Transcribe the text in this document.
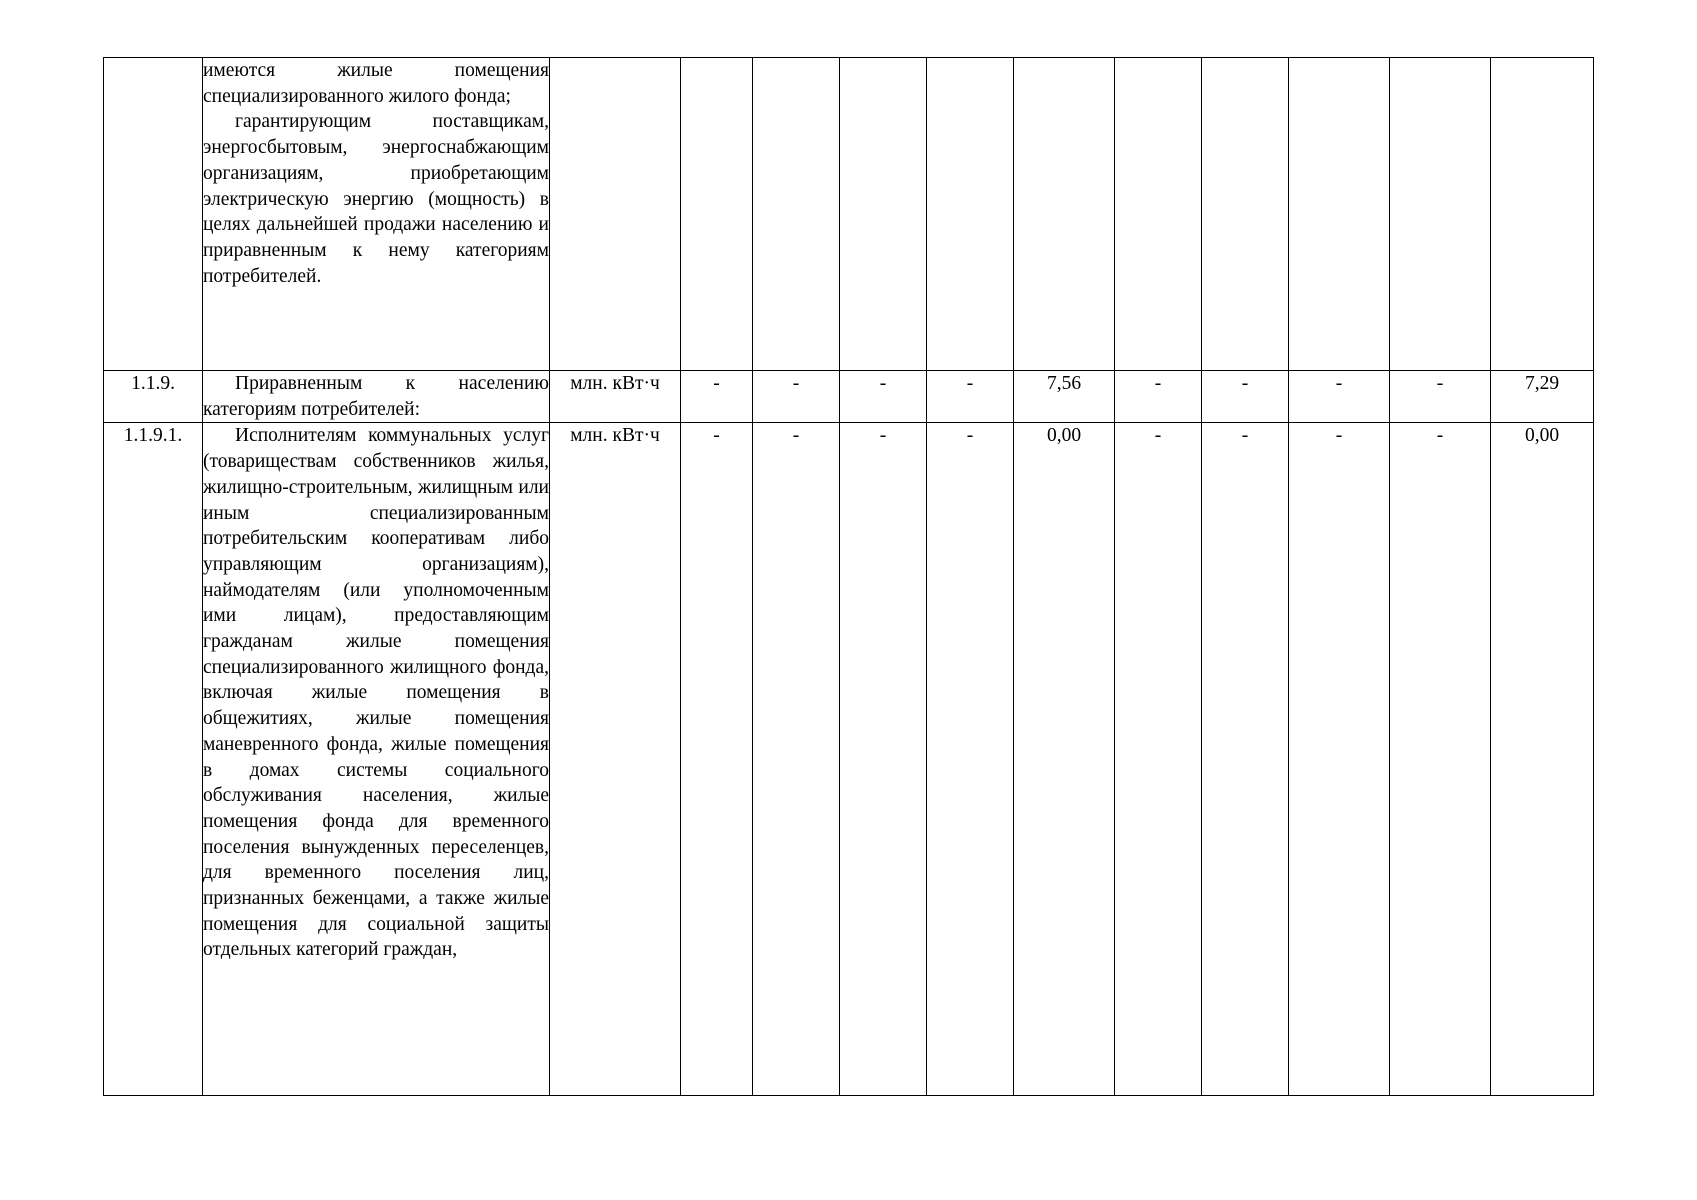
	имеются жилые помещения специализированного жилого фонда;
гарантирующим поставщикам, энергосбытовым, энергоснабжающим организациям, приобретающим электрическую энергию (мощность) в целях дальнейшей продажи населению и приравненным к нему категориям потребителей.											

1.1.9.	Приравненным к населению категориям потребителей:	млн. кВт·ч	-	-	-	-	7,56	-	-	-	-	7,29
1.1.9.1.	Исполнителям коммунальных услуг (товариществам собственников жилья, жилищно-строительным, жилищным или иным специализированным потребительским кооперативам либо управляющим организациям), наймодателям (или уполномоченным ими лицам), предоставляющим гражданам жилые помещения специализированного жилищного фонда, включая жилые помещения в общежитиях, жилые помещения маневренного фонда, жилые помещения в домах системы социального обслуживания населения, жилые помещения фонда для временного поселения вынужденных переселенцев, для временного поселения лиц, признанных беженцами, а также жилые помещения для социальной защиты отдельных категорий граждан,	млн. кВт·ч	-	-	-	-	0,00	-	-	-	-	0,00
